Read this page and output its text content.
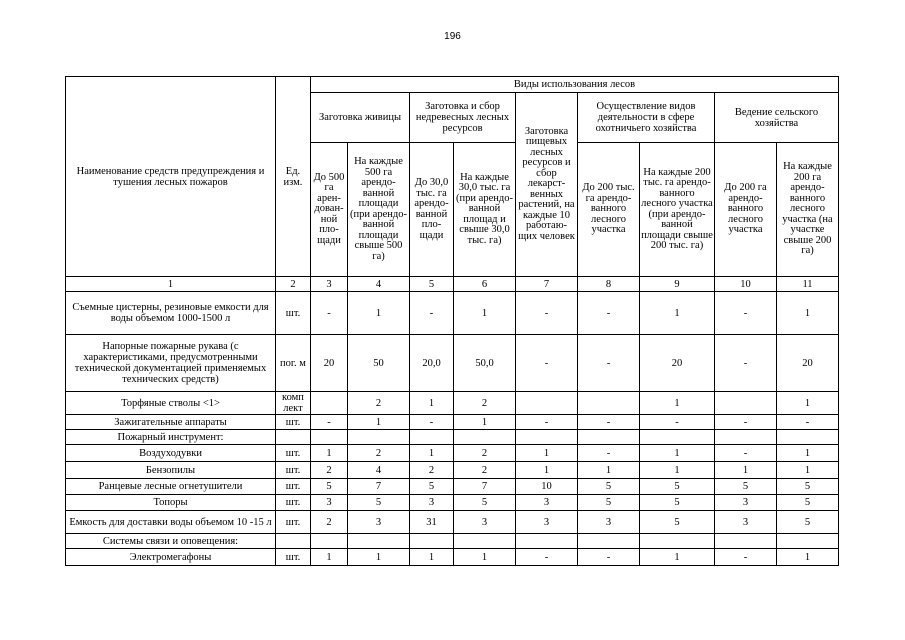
196
Наименование средств предупреждения и тушения лесных пожаров	Ед. изм.	Виды использования лесов								
		Заготовка живицы		Заготовка и сбор недревесных лесных ресурсов		Заготовка пищевых лесных ресурсов и сбор лекарст-венных растений, на каждые 10 работаю-щих человек	Осуществление видов деятельности в сфере охотничьего хозяйства		Ведение сельского хозяйства	
		До 500 га арен-дован-ной пло-щади	На каждые 500 га арендо-ванной площади (при арендо-ванной площади свыше 500 га)	До 30,0 тыс. га арендо-ванной пло-щади	На каждые 30,0 тыс. га (при арендо-ванной площад и свыше 30,0 тыс. га)		До 200 тыс. га арендо-ванного лесного участка	На каждые 200 тыс. га арендо-ванного лесного участка (при арендо-ванной площади свыше 200 тыс. га)	До 200 га арендо-ванного лесного участка	На каждые 200 га арендо-ванного лесного участка (на участке свыше 200 га)
1	2	3	4	5	6	7	8	9	10	11
Съемные цистерны, резиновые емкости для воды объемом 1000-1500 л	шт.	-	1	-	1	-	-	1	-	1
Напорные пожарные рукава (с характеристиками, предусмотренными технической документацией применяемых технических средств)	пог. м	20	50	20,0	50,0	-	-	20	-	20
Торфяные стволы <1>	комп лект		2	1	2			1		1
Зажигательные аппараты	шт.	-	1	-	1	-	-	-	-	-
Пожарный инструмент:										
Воздуходувки	шт.	1	2	1	2	1	-	1	-	1
Бензопилы	шт.	2	4	2	2	1	1	1	1	1
Ранцевые лесные огнетушители	шт.	5	7	5	7	10	5	5	5	5
Топоры	шт.	3	5	3	5	3	5	5	3	5
Емкость для доставки воды объемом 10 -15 л	шт.	2	3	31	3	3	3	5	3	5
Системы связи и оповещения:										
Электромегафоны	шт.	1	1	1	1	-	-	1	-	1
